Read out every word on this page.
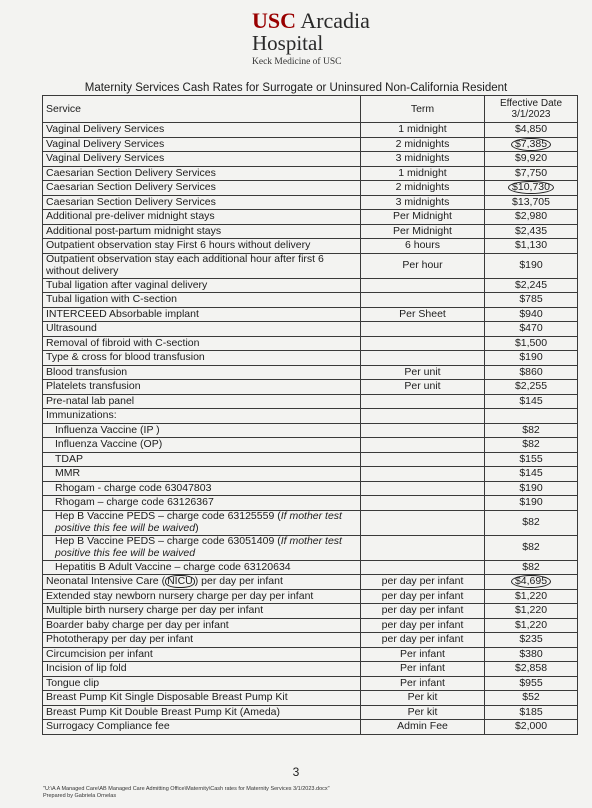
USC Arcadia
Hospital
Keck Medicine of USC
Maternity Services Cash Rates for Surrogate or Uninsured Non-California Resident
Service	Term	Effective Date
3/1/2023
Vaginal Delivery Services	1 midnight	$4,850
Vaginal Delivery Services	2 midnights	$7,385
Vaginal Delivery Services	3 midnights	$9,920
Caesarian Section Delivery Services	1 midnight	$7,750
Caesarian Section Delivery Services	2 midnights	$10,730
Caesarian Section Delivery Services	3 midnights	$13,705
Additional pre-deliver midnight stays	Per Midnight	$2,980
Additional post-partum midnight stays	Per Midnight	$2,435
Outpatient observation stay First 6 hours without delivery	6 hours	$1,130
Outpatient observation stay each additional hour after first 6 without delivery	Per hour	$190
Tubal ligation after vaginal delivery		$2,245
Tubal ligation with C-section		$785
INTERCEED Absorbable implant	Per Sheet	$940
Ultrasound		$470
Removal of fibroid with C-section		$1,500
Type & cross for blood transfusion		$190
Blood transfusion	Per unit	$860
Platelets transfusion	Per unit	$2,255
Pre-natal lab panel		$145
Immunizations:		
Influenza Vaccine (IP )		$82
Influenza Vaccine (OP)		$82
TDAP		$155
MMR		$145
Rhogam - charge code 63047803		$190
Rhogam – charge code 63126367		$190
Hep B Vaccine PEDS – charge code 63125559 (If mother test positive this fee will be waived)		$82
Hep B Vaccine PEDS – charge code 63051409 (If mother test positive this fee will be waived		$82
Hepatitis B Adult Vaccine – charge code 63120634		$82
Neonatal Intensive Care ( NICU ) per day per infant	per day per infant	$4,695
Extended stay newborn nursery charge per day per infant	per day per infant	$1,220
Multiple birth nursery charge per day per infant	per day per infant	$1,220
Boarder baby charge per day per infant	per day per infant	$1,220
Phototherapy per day per infant	per day per infant	$235
Circumcision per infant	Per infant	$380
Incision of lip fold	Per infant	$2,858
Tongue clip	Per infant	$955
Breast Pump Kit Single Disposable Breast Pump Kit	Per kit	$52
Breast Pump Kit Double Breast Pump Kit (Ameda)	Per kit	$185
Surrogacy Compliance fee	Admin Fee	$2,000
3
"U:\A A Managed Care\AB Managed Care Admitting Office\Maternity\Cash rates for Maternity Services 3/1/2023.docx"
Prepared by Gabriela Ornelas
